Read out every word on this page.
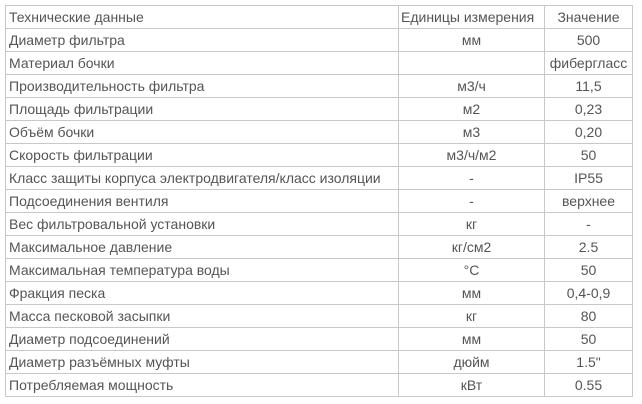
Технические данные	Единицы измерения	Значение
Диаметр фильтра	мм	500
Материал бочки		фибергласс
Производительность фильтра	м3/ч	11,5
Площадь фильтрации	м2	0,23
Объём бочки	м3	0,20
Скорость фильтрации	м3/ч/м2	50
Класс защиты корпуса электродвигателя/класс изоляции	-	IP55
Подсоединения вентиля	-	верхнее
Вес фильтровальной установки	кг	-
Максимальное давление	кг/см2	2.5
Максимальная температура воды	°С	50
Фракция песка	мм	0,4-0,9
Масса песковой засыпки	кг	80
Диаметр подсоединений	мм	50
Диаметр разъёмных муфты	дюйм	1.5"
Потребляемая мощность	кВт	0.55
